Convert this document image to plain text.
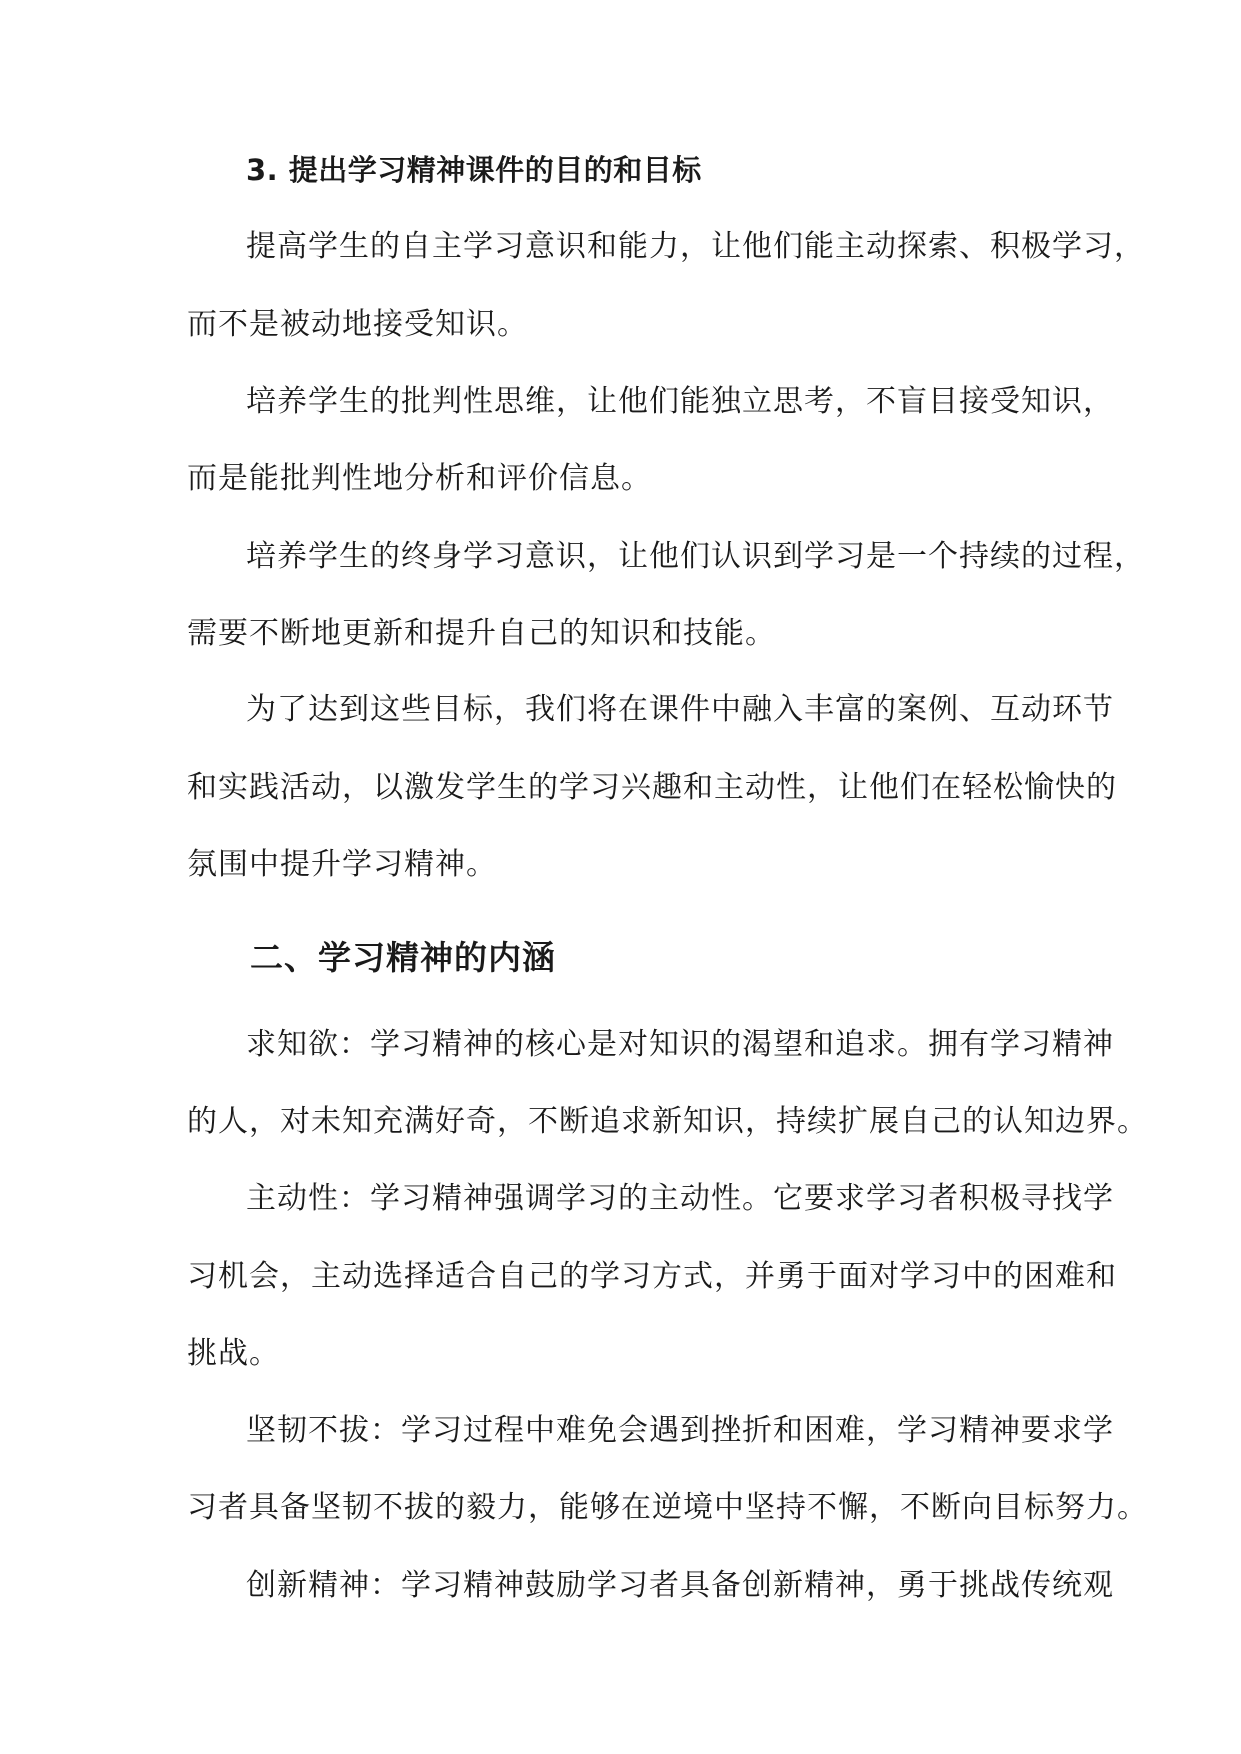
3. 提出学习精神课件的目的和目标
提高学生的自主学习意识和能力，让他们能主动探索、积极学习，
而不是被动地接受知识。
培养学生的批判性思维，让他们能独立思考，不盲目接受知识，
而是能批判性地分析和评价信息。
培养学生的终身学习意识，让他们认识到学习是一个持续的过程，
需要不断地更新和提升自己的知识和技能。
为了达到这些目标，我们将在课件中融入丰富的案例、互动环节
和实践活动，以激发学生的学习兴趣和主动性，让他们在轻松愉快的
氛围中提升学习精神。
二、学习精神的内涵
求知欲：学习精神的核心是对知识的渴望和追求。拥有学习精神
的人，对未知充满好奇，不断追求新知识，持续扩展自己的认知边界。
主动性：学习精神强调学习的主动性。它要求学习者积极寻找学
习机会，主动选择适合自己的学习方式，并勇于面对学习中的困难和
挑战。
坚韧不拔：学习过程中难免会遇到挫折和困难，学习精神要求学
习者具备坚韧不拔的毅力，能够在逆境中坚持不懈，不断向目标努力。
创新精神：学习精神鼓励学习者具备创新精神，勇于挑战传统观
